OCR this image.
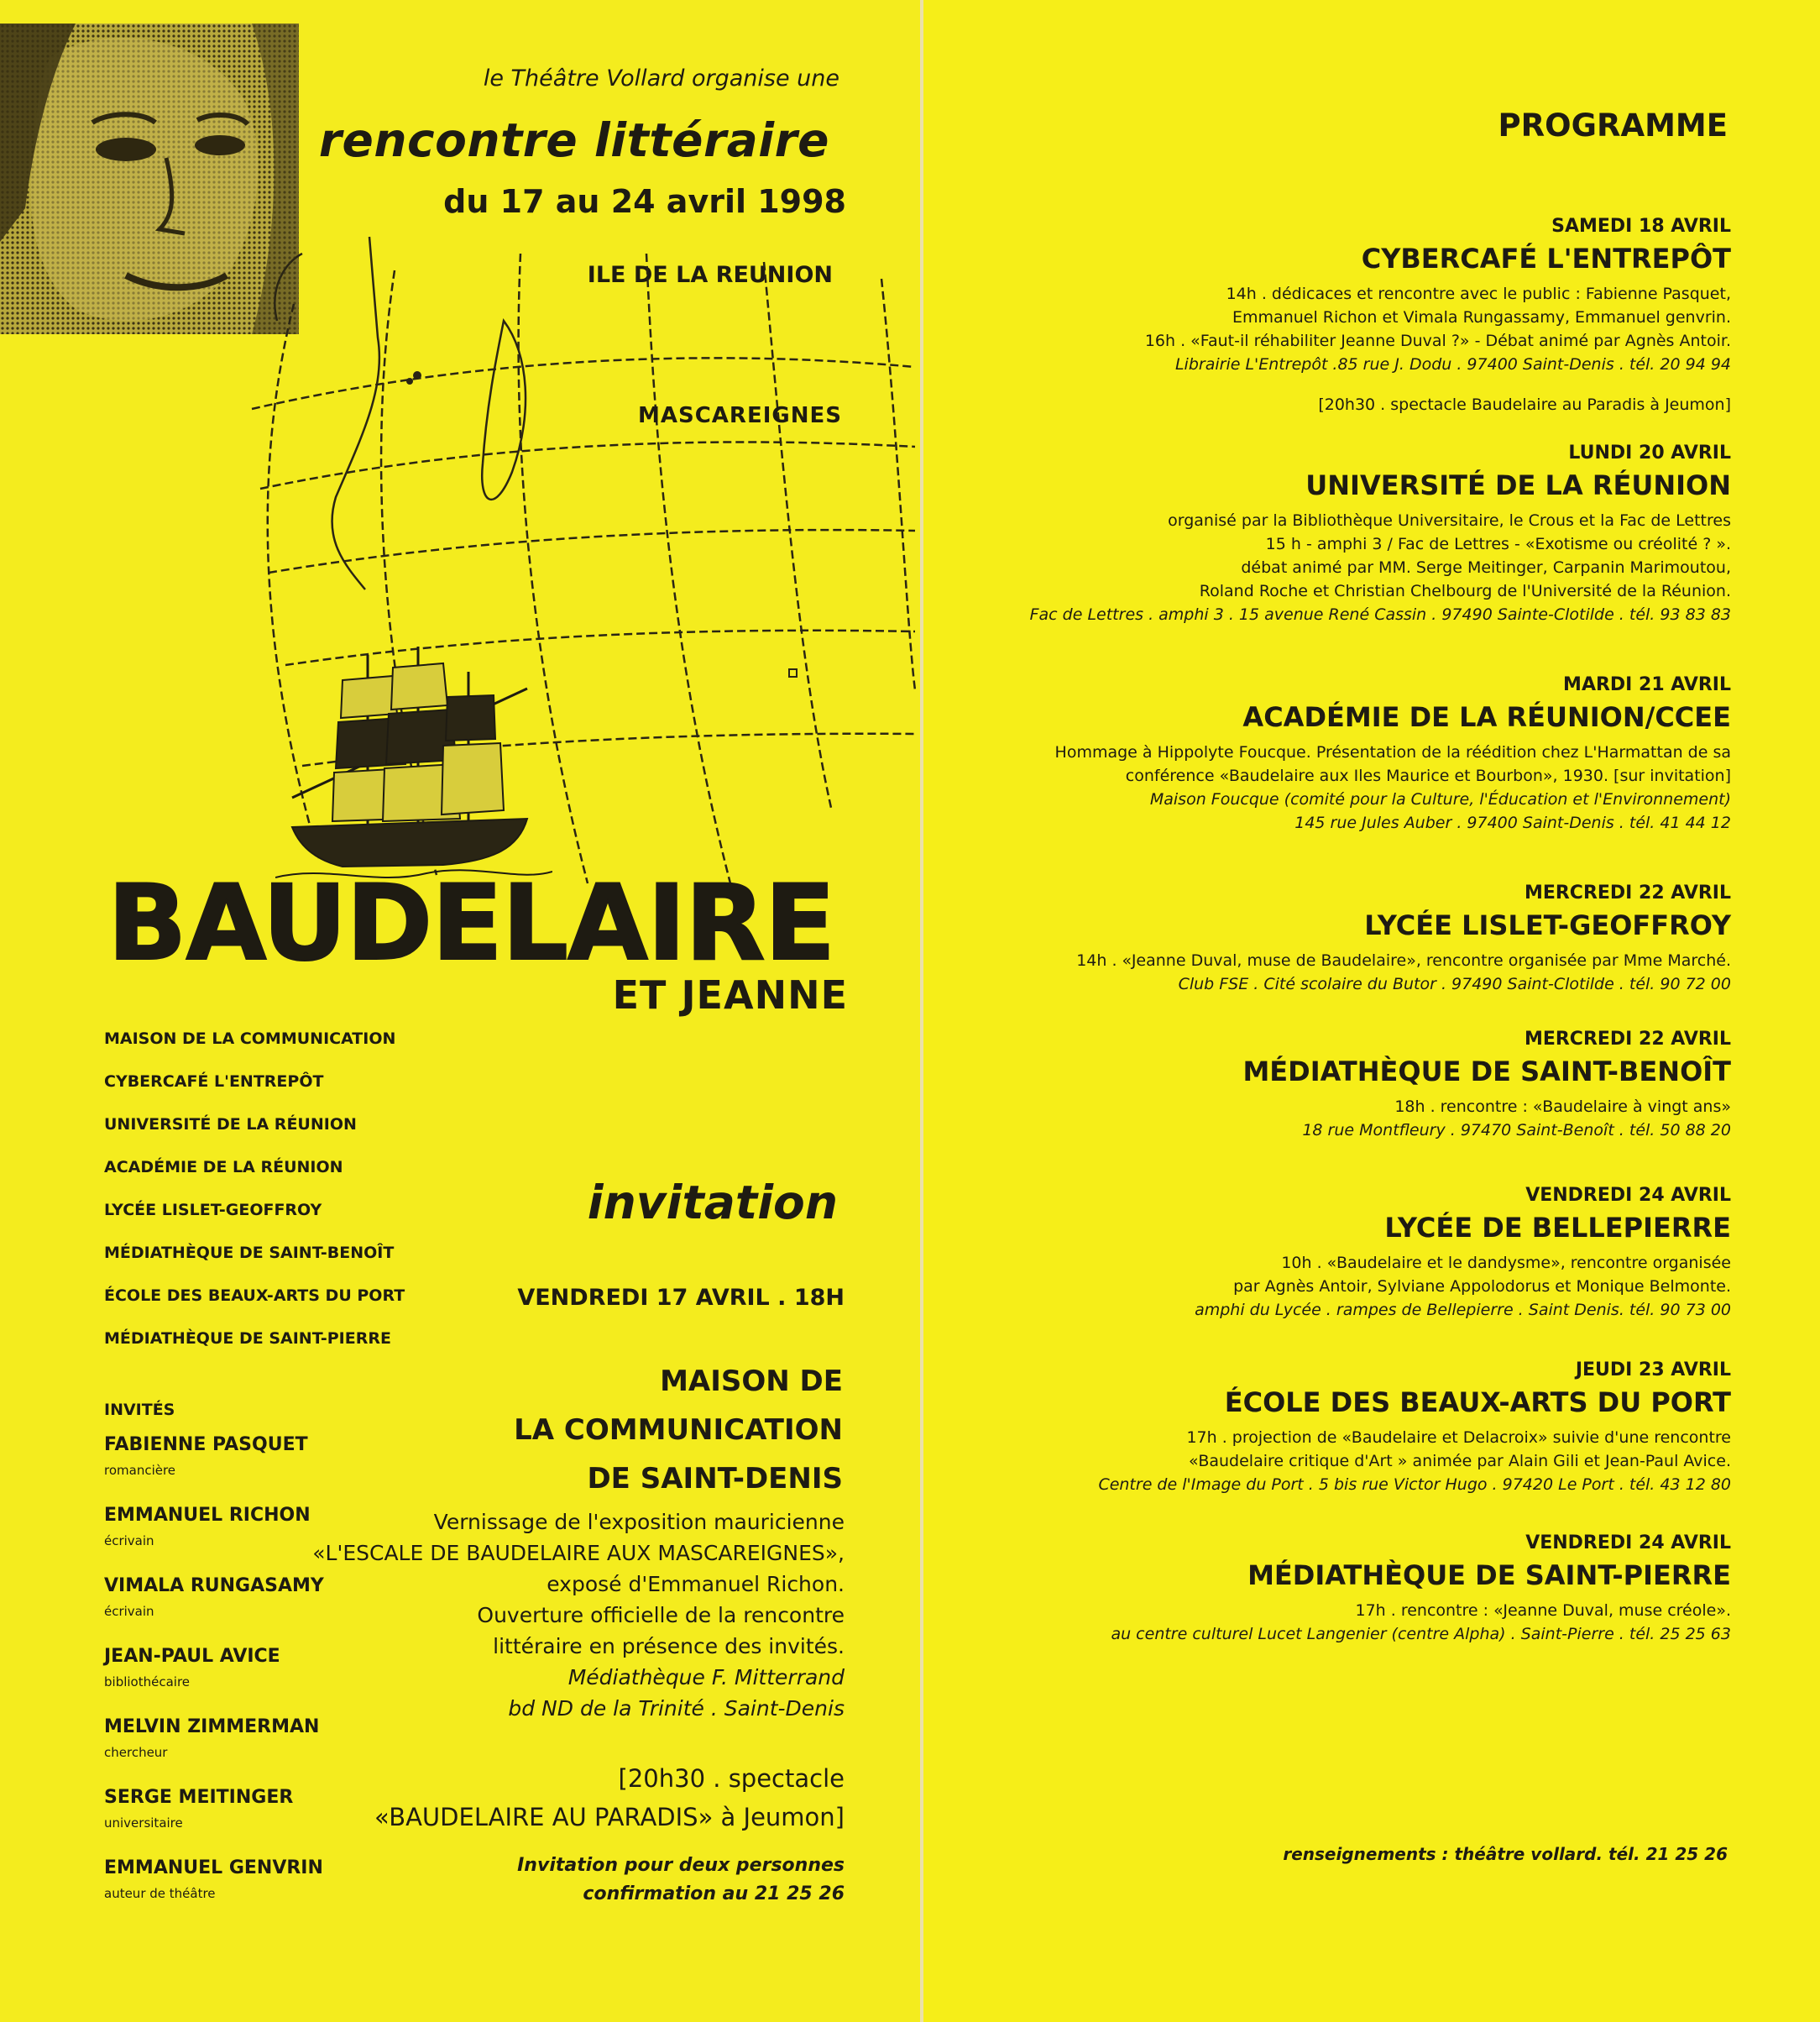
le Théâtre Vollard organise une
rencontre littéraire
du 17 au 24 avril 1998
ILE DE LA REUNION
MASCAREIGNES
BAUDELAIRE
ET JEANNE
MAISON DE LA COMMUNICATION
CYBERCAFÉ L'ENTREPÔT
UNIVERSITÉ DE LA RÉUNION
ACADÉMIE DE LA RÉUNION
LYCÉE LISLET-GEOFFROY
MÉDIATHÈQUE DE SAINT-BENOÎT
ÉCOLE DES BEAUX-ARTS DU PORT
MÉDIATHÈQUE DE SAINT-PIERRE
INVITÉS
FABIENNE PASQUET
romancière
EMMANUEL RICHON
écrivain
VIMALA RUNGASAMY
écrivain
JEAN-PAUL AVICE
bibliothécaire
MELVIN ZIMMERMAN
chercheur
SERGE MEITINGER
universitaire
EMMANUEL GENVRIN
auteur de théâtre
invitation
VENDREDI 17 AVRIL . 18H
MAISON DE
LA COMMUNICATION
DE SAINT-DENIS
Vernissage de l'exposition mauricienne
«L'ESCALE DE BAUDELAIRE AUX MASCAREIGNES»,
exposé d'Emmanuel Richon.
Ouverture officielle de la rencontre
littéraire en présence des invités.
Médiathèque F. Mitterrand
bd ND de la Trinité . Saint-Denis
[20h30 . spectacle
«BAUDELAIRE AU PARADIS» à Jeumon]
Invitation pour deux personnes
confirmation au 21 25 26
PROGRAMME
SAMEDI 18 AVRIL
CYBERCAFÉ L'ENTREPÔT
14h . dédicaces et rencontre avec le public : Fabienne Pasquet,
Emmanuel Richon et Vimala Rungassamy, Emmanuel genvrin.
16h . «Faut-il réhabiliter Jeanne Duval ?» - Débat animé par Agnès Antoir.
Librairie L'Entrepôt .85 rue J. Dodu . 97400 Saint-Denis . tél. 20 94 94
[20h30 . spectacle Baudelaire au Paradis à Jeumon]
LUNDI 20 AVRIL
UNIVERSITÉ DE LA RÉUNION
organisé par la Bibliothèque Universitaire, le Crous et la Fac de Lettres
15 h - amphi 3 / Fac de Lettres - «Exotisme ou créolité ? ».
débat animé par MM. Serge Meitinger, Carpanin Marimoutou,
Roland Roche et Christian Chelbourg de l'Université de la Réunion.
Fac de Lettres . amphi 3 . 15 avenue René Cassin . 97490 Sainte-Clotilde . tél. 93 83 83
MARDI 21 AVRIL
ACADÉMIE DE LA RÉUNION/CCEE
Hommage à Hippolyte Foucque. Présentation de la réédition chez L'Harmattan de sa
conférence «Baudelaire aux Iles Maurice et Bourbon», 1930. [sur invitation]
Maison Foucque (comité pour la Culture, l'Éducation et l'Environnement)
145 rue Jules Auber . 97400 Saint-Denis . tél. 41 44 12
MERCREDI 22 AVRIL
LYCÉE LISLET-GEOFFROY
14h . «Jeanne Duval, muse de Baudelaire», rencontre organisée par Mme Marché.
Club FSE . Cité scolaire du Butor . 97490 Saint-Clotilde . tél. 90 72 00
MERCREDI 22 AVRIL
MÉDIATHÈQUE DE SAINT-BENOÎT
18h . rencontre : «Baudelaire à vingt ans»
18 rue Montfleury . 97470 Saint-Benoît . tél. 50 88 20
VENDREDI 24 AVRIL
LYCÉE DE BELLEPIERRE
10h . «Baudelaire et le dandysme», rencontre organisée
par Agnès Antoir, Sylviane Appolodorus et Monique Belmonte.
amphi du Lycée . rampes de Bellepierre . Saint Denis. tél. 90 73 00
JEUDI 23 AVRIL
ÉCOLE DES BEAUX-ARTS DU PORT
17h . projection de «Baudelaire et Delacroix» suivie d'une rencontre
«Baudelaire critique d'Art » animée par Alain Gili et Jean-Paul Avice.
Centre de l'Image du Port . 5 bis rue Victor Hugo . 97420 Le Port . tél. 43 12 80
VENDREDI 24 AVRIL
MÉDIATHÈQUE DE SAINT-PIERRE
17h . rencontre : «Jeanne Duval, muse créole».
au centre culturel Lucet Langenier (centre Alpha) . Saint-Pierre . tél. 25 25 63
renseignements : théâtre vollard. tél. 21 25 26
